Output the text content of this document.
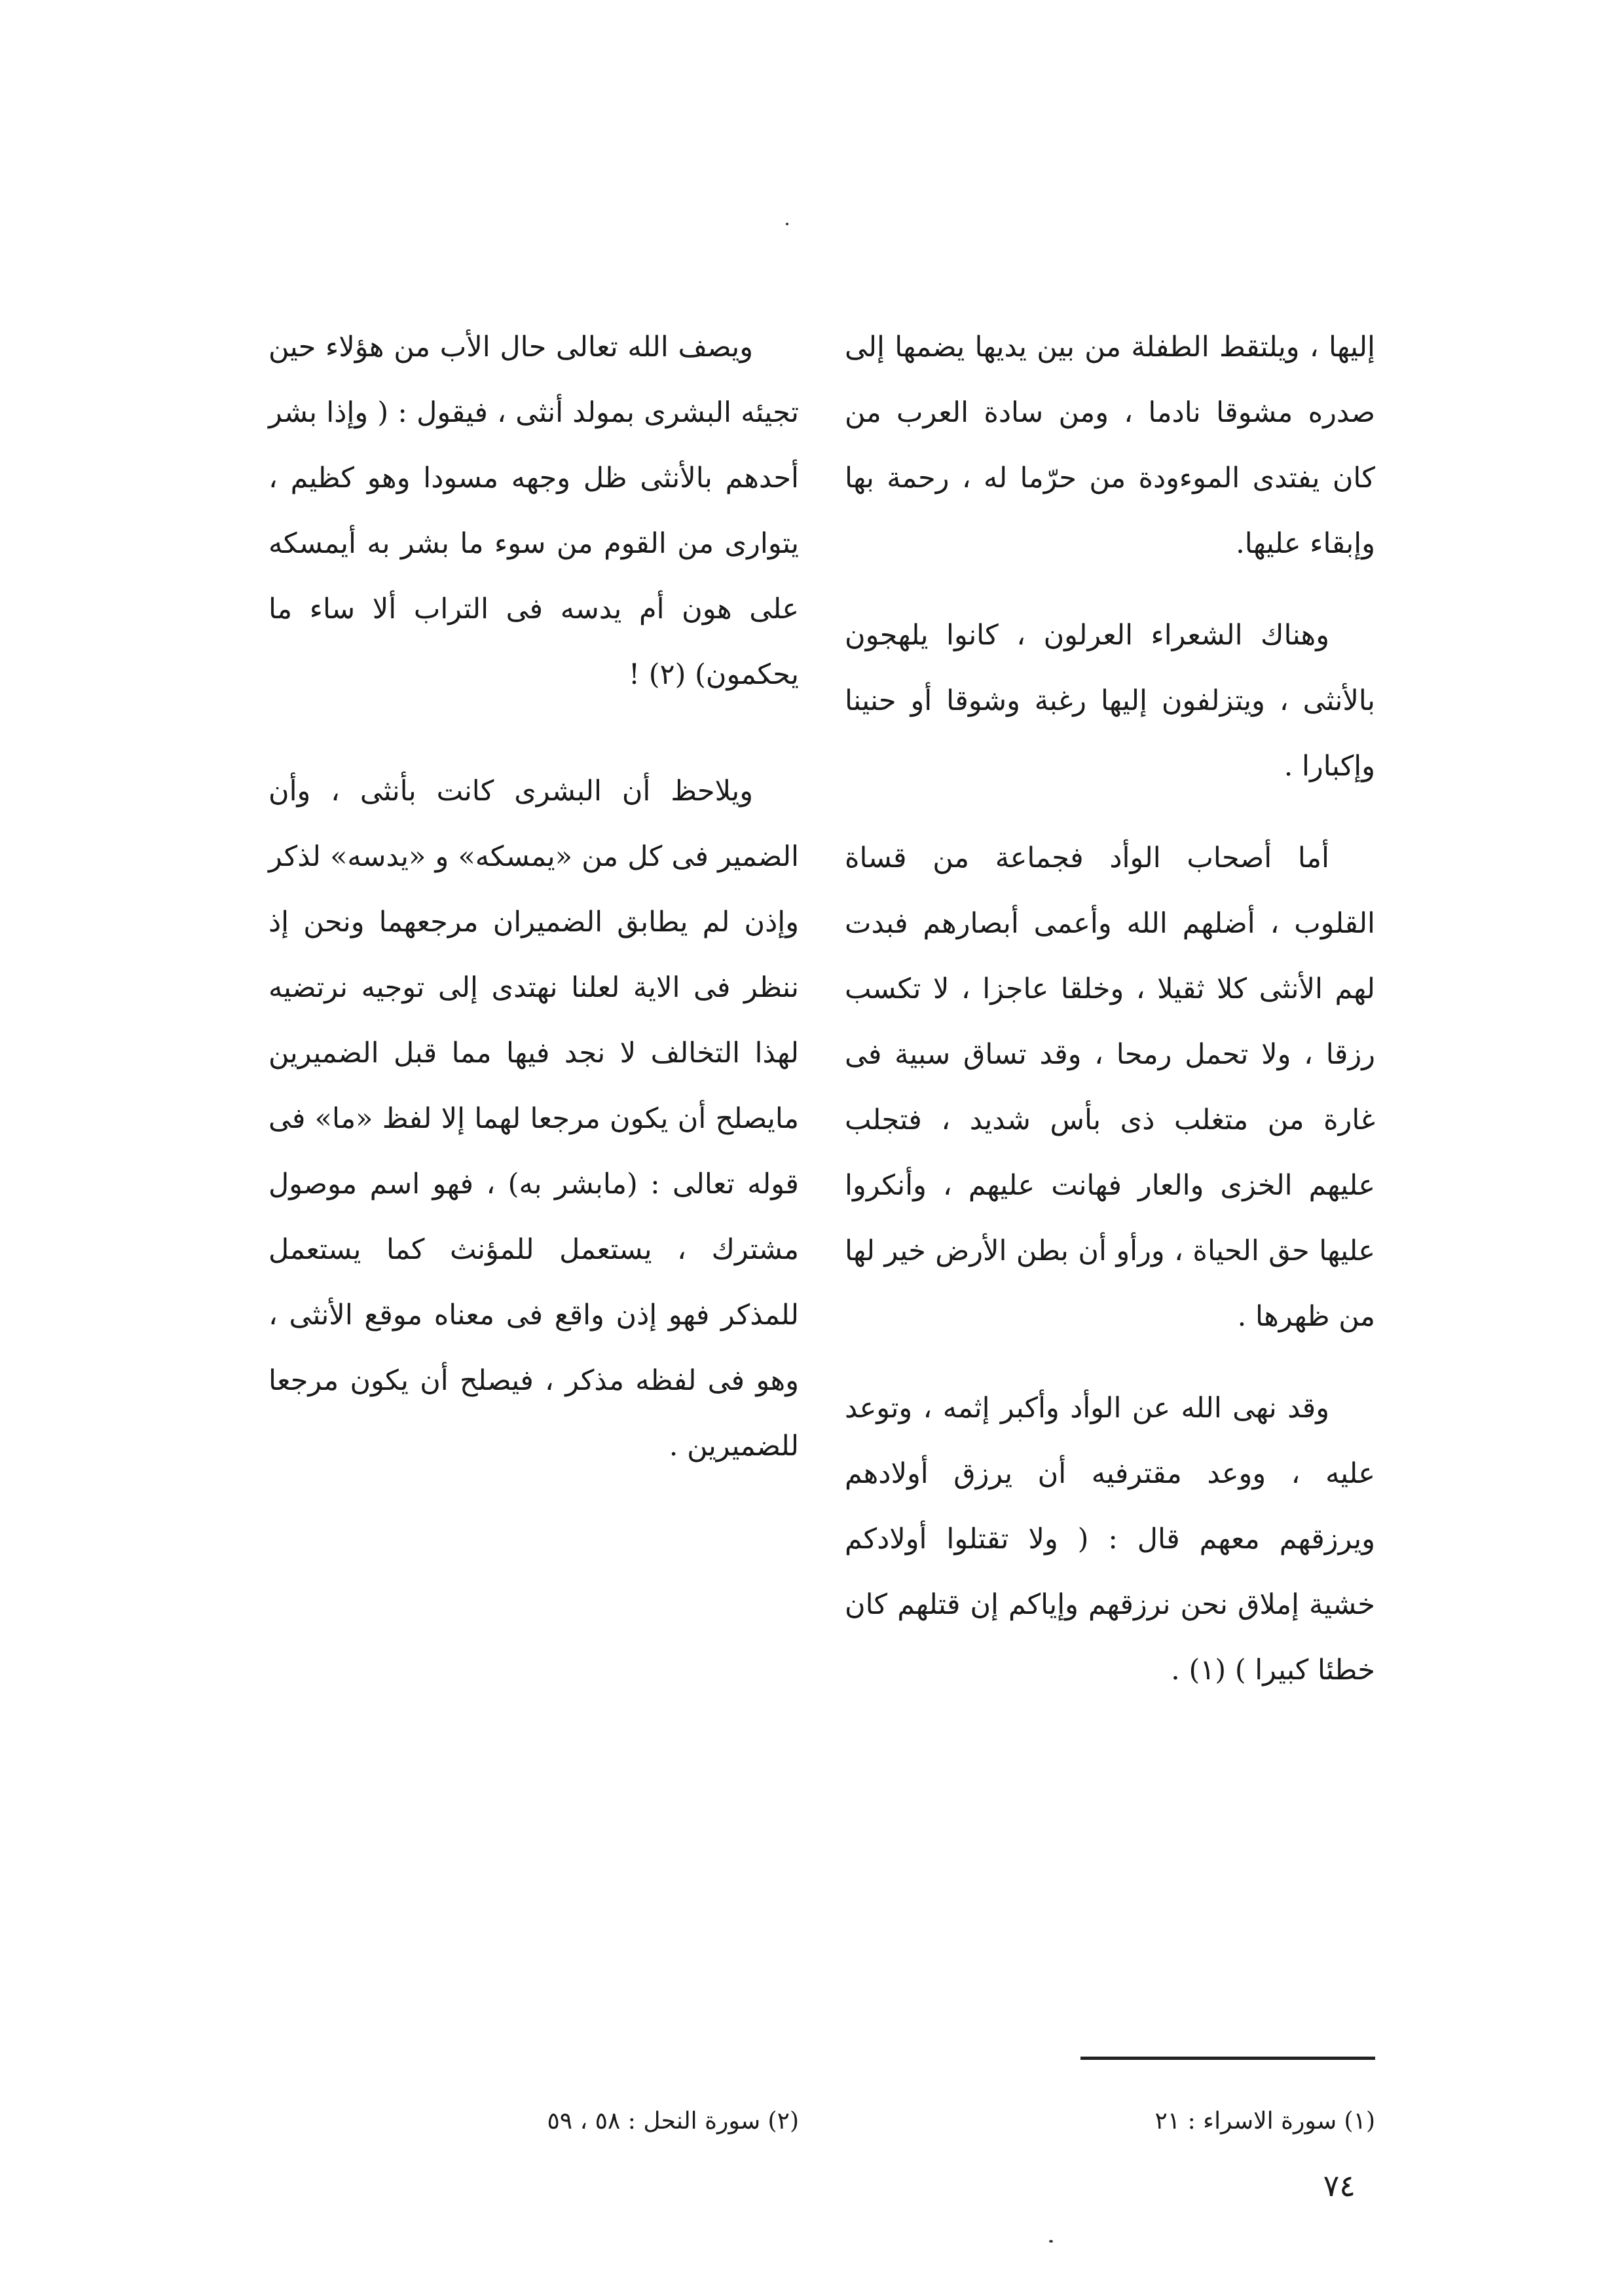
إليها ، ويلتقط الطفلة من بين يديها يضمها إلى صدره مشوقا نادما ، ومن سادة العرب من كان يفتدى الموءودة من حرّما له ، رحمة بها وإبقاء عليها.

وهناك الشعراء العرلون ، كانوا يلهجون بالأنثى ، ويتزلفون إليها رغبة وشوقا أو حنينا وإكبارا .

أما أصحاب الوأد فجماعة من قساة القلوب ، أضلهم الله وأعمى أبصارهم فبدت لهم الأنثى كلا ثقيلا ، وخلقا عاجزا ، لا تكسب رزقا ، ولا تحمل رمحا ، وقد تساق سبية فى غارة من متغلب ذى بأس شديد ، فتجلب عليهم الخزى والعار فهانت عليهم ، وأنكروا عليها حق الحياة ، ورأو أن بطن الأرض خير لها من ظهرها .

وقد نهى الله عن الوأد وأكبر إثمه ، وتوعد عليه ، ووعد مقترفيه أن يرزق أولادهم ويرزقهم معهم قال : ( ولا تقتلوا أولادكم خشية إملاق نحن نرزقهم وإياكم إن قتلهم كان خطئا كبيرا ) (١) .

ويصف الله تعالى حال الأب من هؤلاء حين تجيئه البشرى بمولد أنثى ، فيقول : ( وإذا بشر أحدهم بالأنثى ظل وجهه مسودا وهو كظيم ، يتوارى من القوم من سوء ما بشر به أيمسكه على هون أم يدسه فى التراب ألا ساء ما يحكمون) (٢) !

ويلاحظ أن البشرى كانت بأنثى ، وأن الضمير فى كل من «يمسكه» و «يدسه» لذكر وإذن لم يطابق الضميران مرجعهما ونحن إذ ننظر فى الاية لعلنا نهتدى إلى توجيه نرتضيه لهذا التخالف لا نجد فيها مما قبل الضميرين مايصلح أن يكون مرجعا لهما إلا لفظ «ما» فى قوله تعالى : (مابشر به) ، فهو اسم موصول مشترك ، يستعمل للمؤنث كما يستعمل للمذكر فهو إذن واقع فى معناه موقع الأنثى ، وهو فى لفظه مذكر ، فيصلح أن يكون مرجعا للضميرين .

(١) سورة الاسراء : ٢١
(٢) سورة النحل : ٥٨ ، ٥٩
٧٤
